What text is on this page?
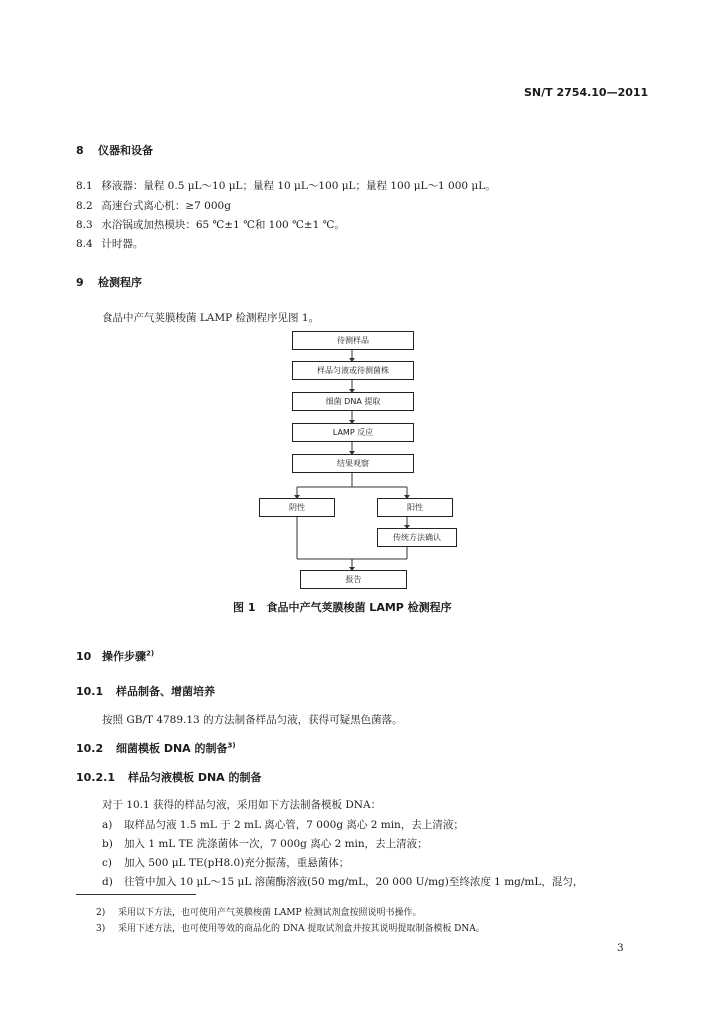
SN/T 2754.10—2011
8 仪器和设备
8.1 移液器：量程 0.5 μL～10 μL；量程 10 μL～100 μL；量程 100 μL～1 000 μL。
8.2 高速台式离心机：≥7 000g
8.3 水浴锅或加热模块：65 ℃±1 ℃和 100 ℃±1 ℃。
8.4 计时器。
9 检测程序
食品中产气荚膜梭菌 LAMP 检测程序见图 1。
待测样品
样品匀液或待测菌株
细菌 DNA 提取
LAMP 反应
结果观察
阴性	阳性
传统方法确认
报告
图 1　食品中产气荚膜梭菌 LAMP 检测程序
10 操作步骤$^{2)}$
10.1 样品制备、增菌培养
按照 GB/T 4789.13 的方法制备样品匀液，获得可疑黑色菌落。
10.2 细菌模板 DNA 的制备$^{3)}$
10.2.1 样品匀液模板 DNA 的制备
对于 10.1 获得的样品匀液，采用如下方法制备模板 DNA：
a) 取样品匀液 1.5 mL 于 2 mL 离心管，7 000g 离心 2 min，去上清液；
b) 加入 1 mL TE 洗涤菌体一次，7 000g 离心 2 min，去上清液；
c) 加入 500 μL TE(pH8.0)充分振荡，重悬菌体；
d) 往管中加入 10 μL～15 μL 溶菌酶溶液(50 mg/mL，20 000 U/mg)至终浓度 1 mg/mL，混匀，
2) 采用以下方法，也可使用产气荚膜梭菌 LAMP 检测试剂盒按照说明书操作。
3) 采用下述方法，也可使用等效的商品化的 DNA 提取试剂盒并按其说明提取制备模板 DNA。
3
